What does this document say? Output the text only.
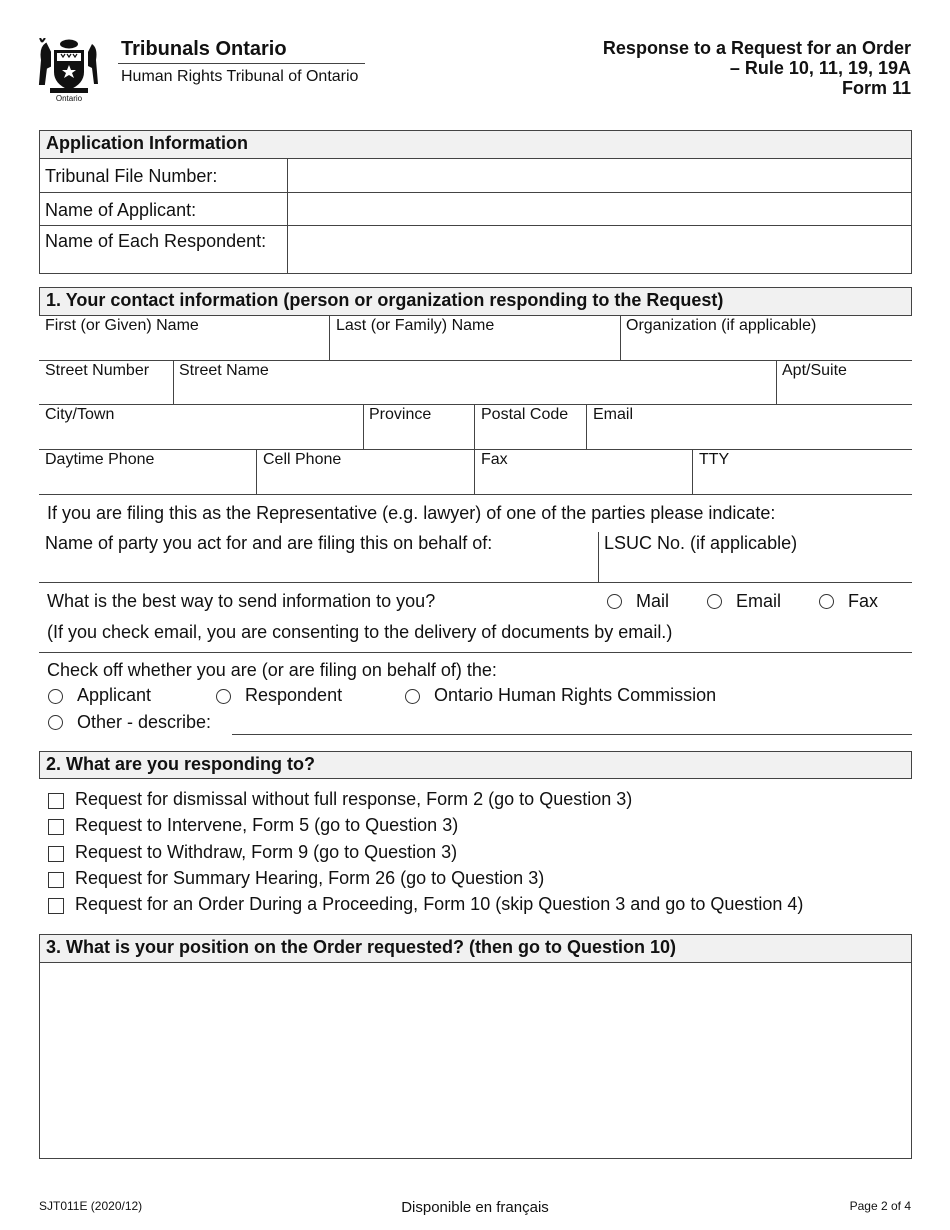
Ontario
Tribunals Ontario
Human Rights Tribunal of Ontario
Response to a Request for an Order
– Rule 10, 11, 19, 19A
Form 11
Application Information
Tribunal File Number:
Name of Applicant:
Name of Each Respondent:
1. Your contact information (person or organization responding to the Request)
First (or Given) Name	Last (or Family) Name	Organization (if applicable)
Street Number Street Name	Apt/Suite
City/Town	Province	Postal Code Email
Daytime Phone	Cell Phone	Fax	TTY
If you are filing this as the Representative (e.g. lawyer) of one of the parties please indicate:
Name of party you act for and are filing this on behalf of:	LSUC No. (if applicable)
What is the best way to send information to you?	Mail	Email	Fax
(If you check email, you are consenting to the delivery of documents by email.)
Check off whether you are (or are filing on behalf of) the:
Applicant	Respondent	Ontario Human Rights Commission
Other - describe:
2. What are you responding to?
Request for dismissal without full response, Form 2 (go to Question 3)
Request to Intervene, Form 5 (go to Question 3)
Request to Withdraw, Form 9 (go to Question 3)
Request for Summary Hearing, Form 26 (go to Question 3)
Request for an Order During a Proceeding, Form 10 (skip Question 3 and go to Question 4)
3. What is your position on the Order requested? (then go to Question 10)
SJT011E (2020/12)	Disponible en français	Page 2 of 4
